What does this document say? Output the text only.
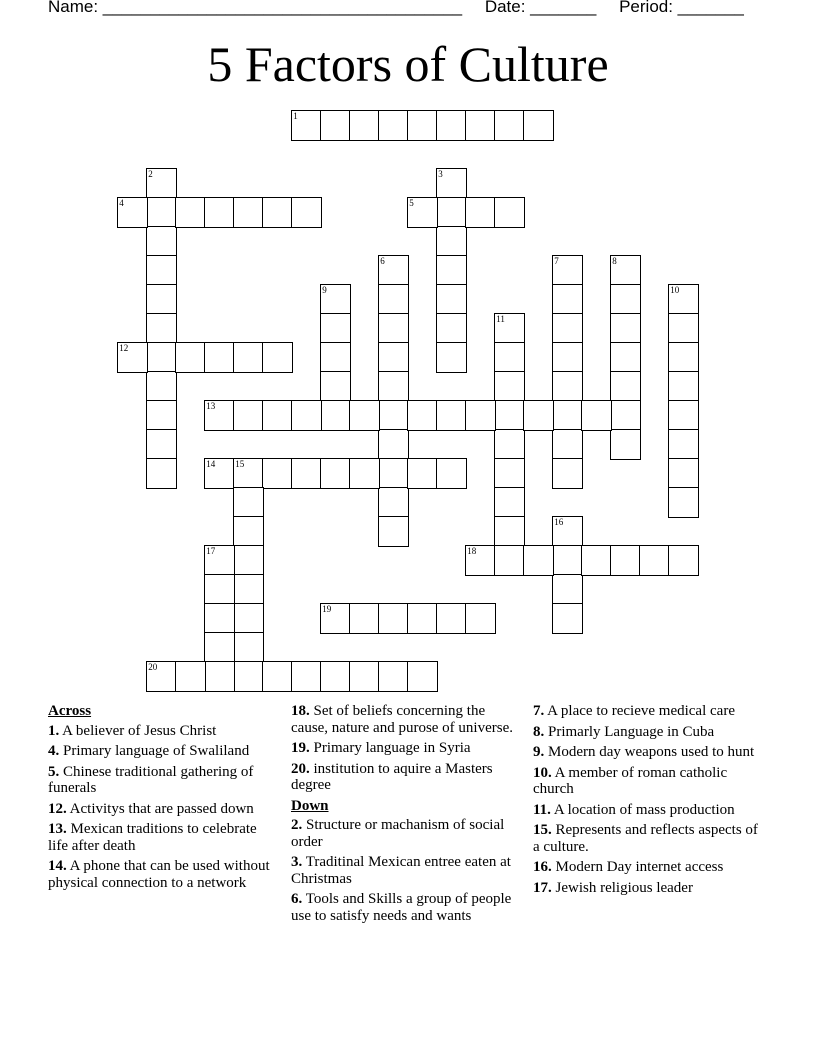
Name: ______________________________________ Date: _______ Period: _______
5 Factors of Culture
1
2	3
4	5
6	7	8
9	10
11
12
13
14 15
16
17	18
19
20
Across
1. A believer of Jesus Christ
4. Primary language of Swaliland
5. Chinese traditional gathering of funerals
12. Activitys that are passed down
13. Mexican traditions to celebrate life after death
14. A phone that can be used without physical connection to a network
18. Set of beliefs concerning the cause, nature and purose of universe.
19. Primary language in Syria
20. institution to aquire a Masters degree
Down
2. Structure or machanism of social order
3. Traditinal Mexican entree eaten at Christmas
6. Tools and Skills a group of people use to satisfy needs and wants
7. A place to recieve medical care
8. Primarly Language in Cuba
9. Modern day weapons used to hunt
10. A member of roman catholic church
11. A location of mass production
15. Represents and reflects aspects of a culture.
16. Modern Day internet access
17. Jewish religious leader
